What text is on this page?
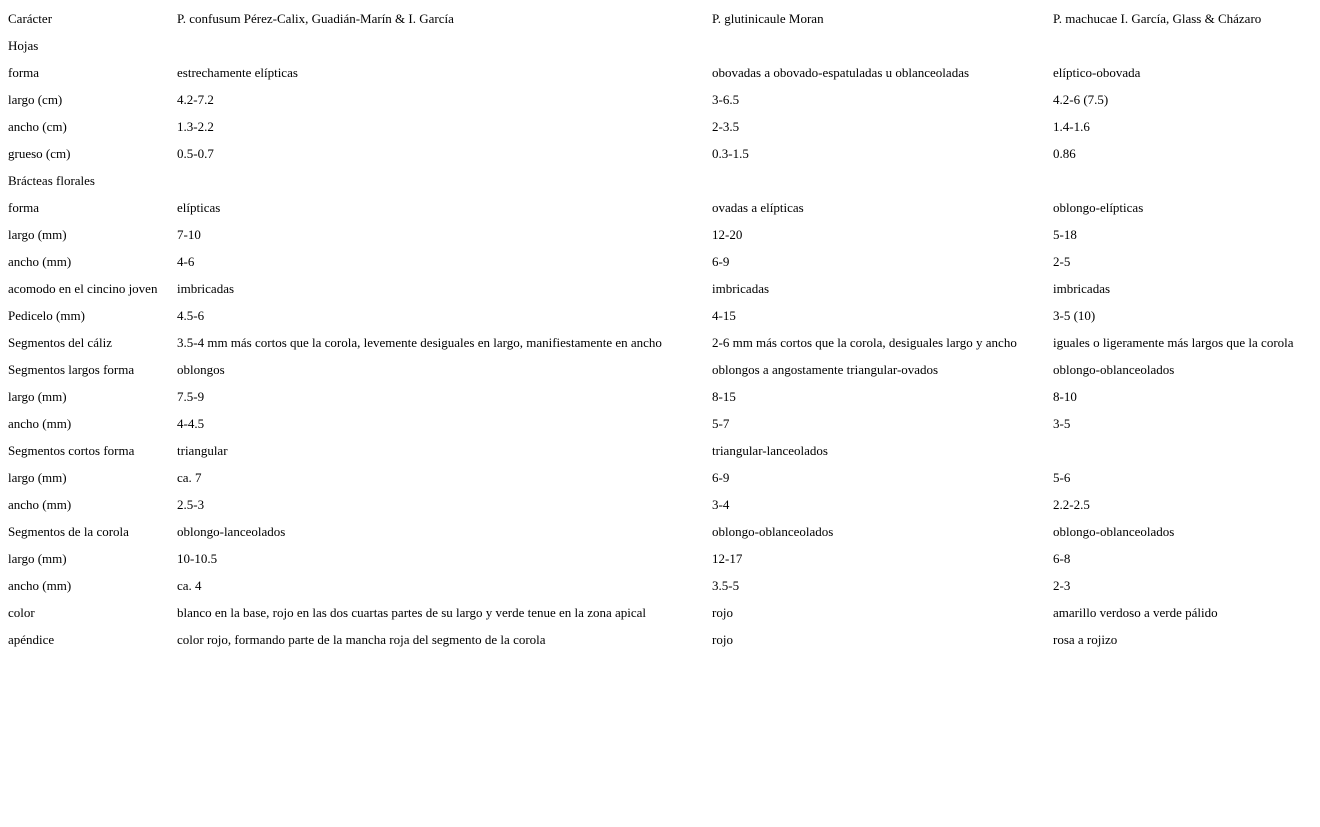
Carácter	P. confusum Pérez-Calix, Guadián-Marín & I. García	P. glutinicaule Moran	P. machucae I. García, Glass & Cházaro
Hojas			
forma	estrechamente elípticas	obovadas a obovado-espatuladas u oblanceoladas	elíptico-obovada
largo (cm)	4.2-7.2	3-6.5	4.2-6 (7.5)
ancho (cm)	1.3-2.2	2-3.5	1.4-1.6
grueso (cm)	0.5-0.7	0.3-1.5	0.86
Brácteas florales			
forma	elípticas	ovadas a elípticas	oblongo-elípticas
largo (mm)	7-10	12-20	5-18
ancho (mm)	4-6	6-9	2-5
acomodo en el cincino joven	imbricadas	imbricadas	imbricadas
Pedicelo (mm)	4.5-6	4-15	3-5 (10)
Segmentos del cáliz	3.5-4 mm más cortos que la corola, levemente desiguales en largo, manifiestamente en ancho	2-6 mm más cortos que la corola, desiguales largo y ancho	iguales o ligeramente más largos que la corola
Segmentos largos forma	oblongos	oblongos a angostamente triangular-ovados	oblongo-oblanceolados
largo (mm)	7.5-9	8-15	8-10
ancho (mm)	4-4.5	5-7	3-5
Segmentos cortos forma	triangular	triangular-lanceolados	
largo (mm)	ca. 7	6-9	5-6
ancho (mm)	2.5-3	3-4	2.2-2.5
Segmentos de la corola	oblongo-lanceolados	oblongo-oblanceolados	oblongo-oblanceolados
largo (mm)	10-10.5	12-17	6-8
ancho (mm)	ca. 4	3.5-5	2-3
color	blanco en la base, rojo en las dos cuartas partes de su largo y verde tenue en la zona apical	rojo	amarillo verdoso a verde pálido
apéndice	color rojo, formando parte de la mancha roja del segmento de la corola	rojo	rosa a rojizo
